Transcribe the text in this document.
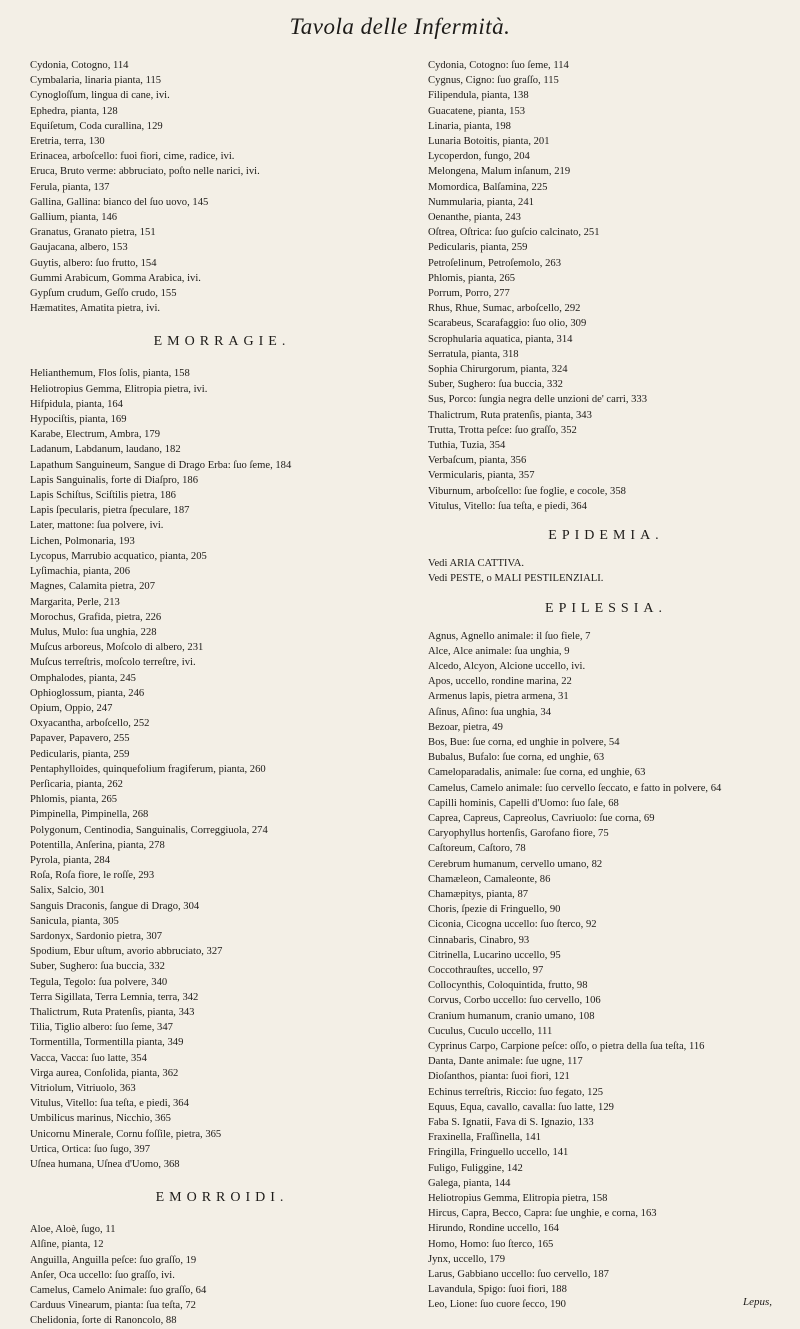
Tavola delle Infermità.
Cydonia, Cotogno, 114
Cymbalaria, linaria pianta, 115
Cynogloſſum, lingua di cane, ivi.
Ephedra, pianta, 128
Equiſetum, Coda curallina, 129
Eretria, terra, 130
Erinacea, arboſcello: fuoi fiori, cime, radice, ivi.
Eruca, Bruto verme: abbruciato, poſto nelle narici, ivi.
Ferula, pianta, 137
Gallina, Gallina: bianco del ſuo uovo, 145
Gallium, pianta, 146
Granatus, Granato pietra, 151
Gaujacana, albero, 153
Guytis, albero: ſuo frutto, 154
Gummi Arabicum, Gomma Arabica, ivi.
Gypſum crudum, Geſſo crudo, 155
Hæmatites, Amatita pietra, ivi.
EMORRAGIE.
Helianthemum, Flos ſolis, pianta, 158
Heliotropius Gemma, Elitropia pietra, ivi.
Hifpidula, pianta, 164
Hypociſtis, pianta, 169
Karabe, Electrum, Ambra, 179
Ladanum, Labdanum, laudano, 182
Lapathum Sanguineum, Sangue di Drago Erba: ſuo ſeme, 184
Lapis Sanguinalis, forte di Diaſpro, 186
Lapis Schiſtus, Sciſtilis pietra, 186
Lapis ſpecularis, pietra ſpeculare, 187
Later, mattone: ſua polvere, ivi.
Lichen, Polmonaria, 193
Lycopus, Marrubio acquatico, pianta, 205
Lyſimachia, pianta, 206
Magnes, Calamita pietra, 207
Margarita, Perle, 213
Morochus, Grafida, pietra, 226
Mulus, Mulo: ſua unghia, 228
Muſcus arboreus, Moſcolo di albero, 231
Muſcus terreſtris, moſcolo terreſtre, ivi.
Omphalodes, pianta, 245
Ophioglossum, pianta, 246
Opium, Oppio, 247
Oxyacantha, arboſcello, 252
Papaver, Papavero, 255
Pedicularis, pianta, 259
Pentaphylloides, quinquefolium fragiferum, pianta, 260
Perſicaria, pianta, 262
Phlomis, pianta, 265
Pimpinella, Pimpinella, 268
Polygonum, Centinodia, Sanguinalis, Correggiuola, 274
Potentilla, Anſerina, pianta, 278
Pyrola, pianta, 284
Roſa, Roſa fiore, le roſſe, 293
Salix, Salcio, 301
Sanguis Draconis, ſangue di Drago, 304
Sanicula, pianta, 305
Sardonyx, Sardonio pietra, 307
Spodium, Ebur uſtum, avorio abbruciato, 327
Suber, Sughero: ſua buccia, 332
Tegula, Tegolo: ſua polvere, 340
Terra Sigillata, Terra Lemnia, terra, 342
Thalictrum, Ruta Pratenſis, pianta, 343
Tilia, Tiglio albero: ſuo ſeme, 347
Tormentilla, Tormentilla pianta, 349
Vacca, Vacca: ſuo latte, 354
Virga aurea, Conſolida, pianta, 362
Vitriolum, Vitriuolo, 363
Vitulus, Vitello: ſua teſta, e piedi, 364
Umbilicus marinus, Nicchio, 365
Unicornu Minerale, Cornu foſſile, pietra, 365
Urtica, Ortica: ſuo ſugo, 397
Uſnea humana, Uſnea d'Uomo, 368
EMORROIDI.
Aloe, Aloè, ſugo, 11
Alſine, pianta, 12
Anguilla, Anguilla peſce: ſuo graſſo, 19
Anſer, Oca uccello: ſuo graſſo, ivi.
Camelus, Camelo Animale: ſuo graſſo, 64
Carduus Vinearum, pianta: ſua teſta, 72
Chelidonia, ſorte di Ranoncolo, 88
Cydonia, Cotogno: ſuo ſeme, 114
Cygnus, Cigno: ſuo graſſo, 115
Filipendula, pianta, 138
Guacatene, pianta, 153
Linaria, pianta, 198
Lunaria Botoitis, pianta, 201
Lycoperdon, fungo, 204
Melongena, Malum inſanum, 219
Momordica, Balſamina, 225
Nummularia, pianta, 241
Oenanthe, pianta, 243
Oſtrea, Oſtrica: ſuo guſcio calcinato, 251
Pedicularis, pianta, 259
Petroſelinum, Petroſemolo, 263
Phlomis, pianta, 265
Porrum, Porro, 277
Rhus, Rhue, Sumac, arboſcello, 292
Scarabeus, Scarafaggio: ſuo olio, 309
Scrophularia aquatica, pianta, 314
Serratula, pianta, 318
Sophia Chirurgorum, pianta, 324
Suber, Sughero: ſua buccia, 332
Sus, Porco: ſungia negra delle unzioni de' carri, 333
Thalictrum, Ruta pratenſis, pianta, 343
Trutta, Trotta peſce: ſuo graſſo, 352
Tuthia, Tuzia, 354
Verbaſcum, pianta, 356
Vermicularis, pianta, 357
Viburnum, arboſcello: ſue foglie, e cocole, 358
Vitulus, Vitello: ſua teſta, e piedi, 364
EPIDEMIA.
Vedi ARIA CATTIVA.
Vedi PESTE, o MALI PESTILENZIALI.
EPILESSIA.
Agnus, Agnello animale: il ſuo fiele, 7
Alce, Alce animale: ſua unghia, 9
Alcedo, Alcyon, Alcione uccello, ivi.
Apos, uccello, rondine marina, 22
Armenus lapis, pietra armena, 31
Aſinus, Aſino: ſua unghia, 34
Bezoar, pietra, 49
Bos, Bue: ſue corna, ed unghie in polvere, 54
Bubalus, Bufalo: ſue corna, ed unghie, 63
Cameloparadalis, animale: ſue corna, ed unghie, 63
Camelus, Camelo animale: ſuo cervello ſeccato, e fatto in polvere, 64
Capilli hominis, Capelli d'Uomo: ſuo ſale, 68
Caprea, Capreus, Capreolus, Cavriuolo: ſue corna, 69
Caryophyllus hortenſis, Garofano fiore, 75
Caſtoreum, Caſtoro, 78
Cerebrum humanum, cervello umano, 82
Chamæleon, Camaleonte, 86
Chamæpitys, pianta, 87
Choris, ſpezie di Fringuello, 90
Ciconia, Cicogna uccello: ſuo ſterco, 92
Cinnabaris, Cinabro, 93
Citrinella, Lucarino uccello, 95
Coccothrauſtes, uccello, 97
Collocynthis, Coloquintida, frutto, 98
Corvus, Corbo uccello: ſuo cervello, 106
Cranium humanum, cranio umano, 108
Cuculus, Cuculo uccello, 111
Cyprinus Carpo, Carpione peſce: oſſo, o pietra della ſua teſta, 116
Danta, Dante animale: ſue ugne, 117
Dioſanthos, pianta: ſuoi fiori, 121
Echinus terreſtris, Riccio: ſuo fegato, 125
Equus, Equa, cavallo, cavalla: ſuo latte, 129
Faba S. Ignatii, Fava di S. Ignazio, 133
Fraxinella, Fraſſinella, 141
Fringilla, Fringuello uccello, 141
Fuligo, Fuliggine, 142
Galega, pianta, 144
Heliotropius Gemma, Elitropia pietra, 158
Hircus, Capra, Becco, Capra: ſue unghie, e corna, 163
Hirundo, Rondine uccello, 164
Homo, Homo: ſuo ſterco, 165
Jynx, uccello, 179
Larus, Gabbiano uccello: ſuo cervello, 187
Lavandula, Spigo: ſuoi fiori, 188
Leo, Lione: ſuo cuore ſecco, 190	Lepus,
